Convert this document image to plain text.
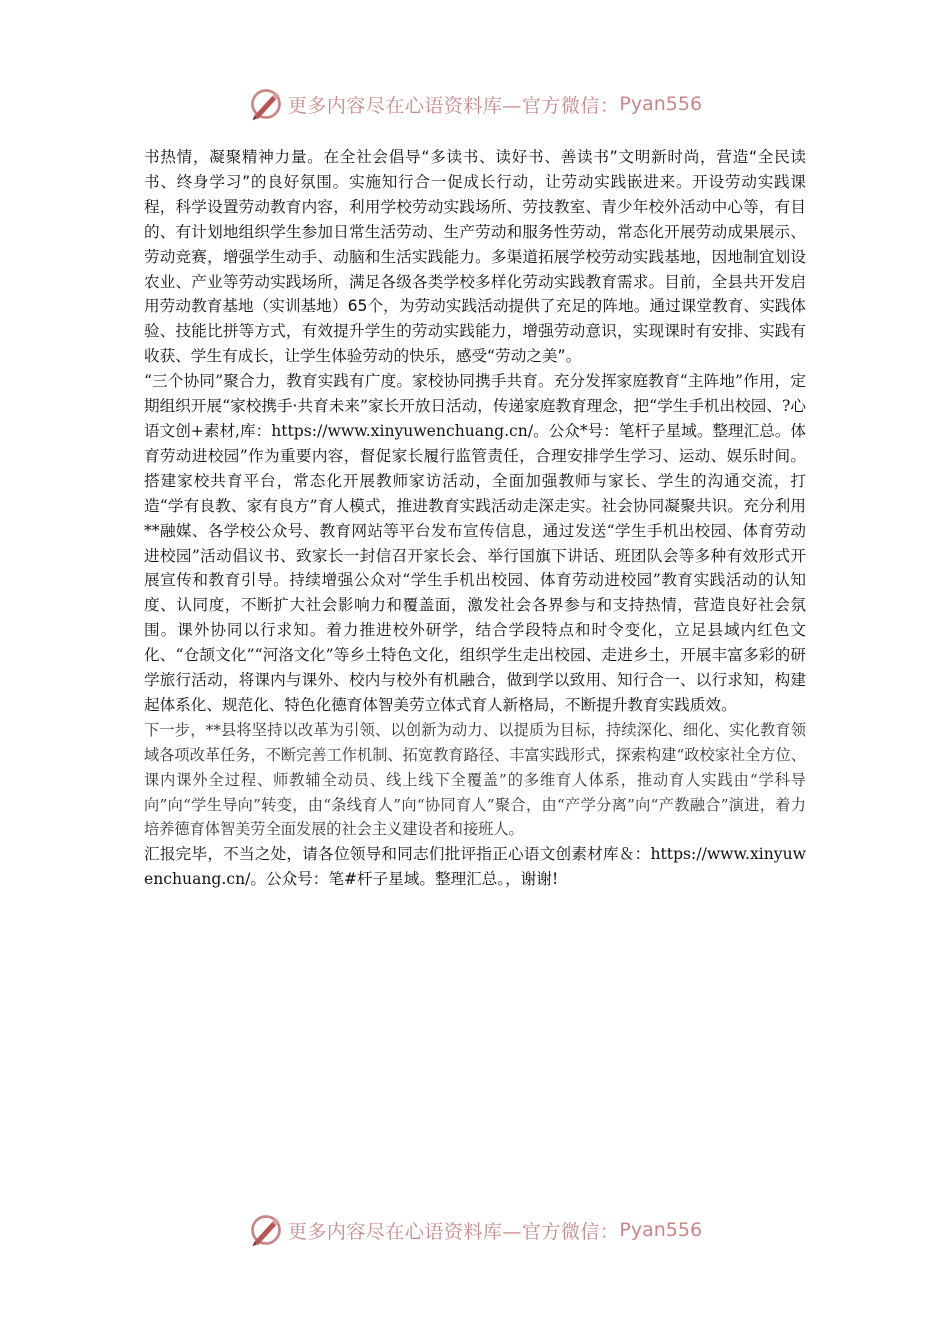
更多内容尽在心语资料库—官方微信： Pyan556

书热情，凝聚精神力量。在全社会倡导“多读书、读好书、善读书”文明新时尚，营造“全民读书、终身学习”的良好氛围。实施知行合一促成长行动，让劳动实践嵌进来。开设劳动实践课程，科学设置劳动教育内容，利用学校劳动实践场所、劳技教室、青少年校外活动中心等，有目的、有计划地组织学生参加日常生活劳动、生产劳动和服务性劳动，常态化开展劳动成果展示、劳动竞赛，增强学生动手、动脑和生活实践能力。多渠道拓展学校劳动实践基地，因地制宜划设农业、产业等劳动实践场所，满足各级各类学校多样化劳动实践教育需求。目前，全县共开发启用劳动教育基地（实训基地）65个，为劳动实践活动提供了充足的阵地。通过课堂教育、实践体验、技能比拼等方式，有效提升学生的劳动实践能力，增强劳动意识，实现课时有安排、实践有收获、学生有成长，让学生体验劳动的快乐，感受“劳动之美”。

“三个协同”聚合力，教育实践有广度。家校协同携手共育。充分发挥家庭教育“主阵地”作用，定期组织开展“家校携手·共育未来”家长开放日活动，传递家庭教育理念，把“学生手机出校园、?心语文创+素材,库：https://www.xinyuwenchuang.cn/。公众*号：笔杆子星域。整理汇总。体育劳动进校园”作为重要内容，督促家长履行监管责任，合理安排学生学习、运动、娱乐时间。搭建家校共育平台，常态化开展教师家访活动，全面加强教师与家长、学生的沟通交流，打造“学有良教、家有良方”育人模式，推进教育实践活动走深走实。社会协同凝聚共识。充分利用**融媒、各学校公众号、教育网站等平台发布宣传信息，通过发送“学生手机出校园、体育劳动进校园”活动倡议书、致家长一封信召开家长会、举行国旗下讲话、班团队会等多种有效形式开展宣传和教育引导。持续增强公众对“学生手机出校园、体育劳动进校园”教育实践活动的认知度、认同度，不断扩大社会影响力和覆盖面，激发社会各界参与和支持热情，营造良好社会氛围。课外协同以行求知。着力推进校外研学，结合学段特点和时令变化，立足县域内红色文化、“仓颉文化”“河洛文化”等乡土特色文化，组织学生走出校园、走进乡土，开展丰富多彩的研学旅行活动，将课内与课外、校内与校外有机融合，做到学以致用、知行合一、以行求知，构建起体系化、规范化、特色化德育体智美劳立体式育人新格局，不断提升教育实践质效。

下一步，**县将坚持以改革为引领、以创新为动力、以提质为目标，持续深化、细化、实化教育领域各项改革任务，不断完善工作机制、拓宽教育路径、丰富实践形式，探索构建“政校家社全方位、课内课外全过程、师教辅全动员、线上线下全覆盖”的多维育人体系，推动育人实践由“学科导向”向“学生导向”转变，由“条线育人”向“协同育人”聚合，由“产学分离”向“产教融合”演进，着力培养德育体智美劳全面发展的社会主义建设者和接班人。

汇报完毕，不当之处，请各位领导和同志们批评指正心语文创素材库＆：https://www.xinyuwenchuang.cn/。公众号：笔#杆子星域。整理汇总。，谢谢!

更多内容尽在心语资料库—官方微信： Pyan556
